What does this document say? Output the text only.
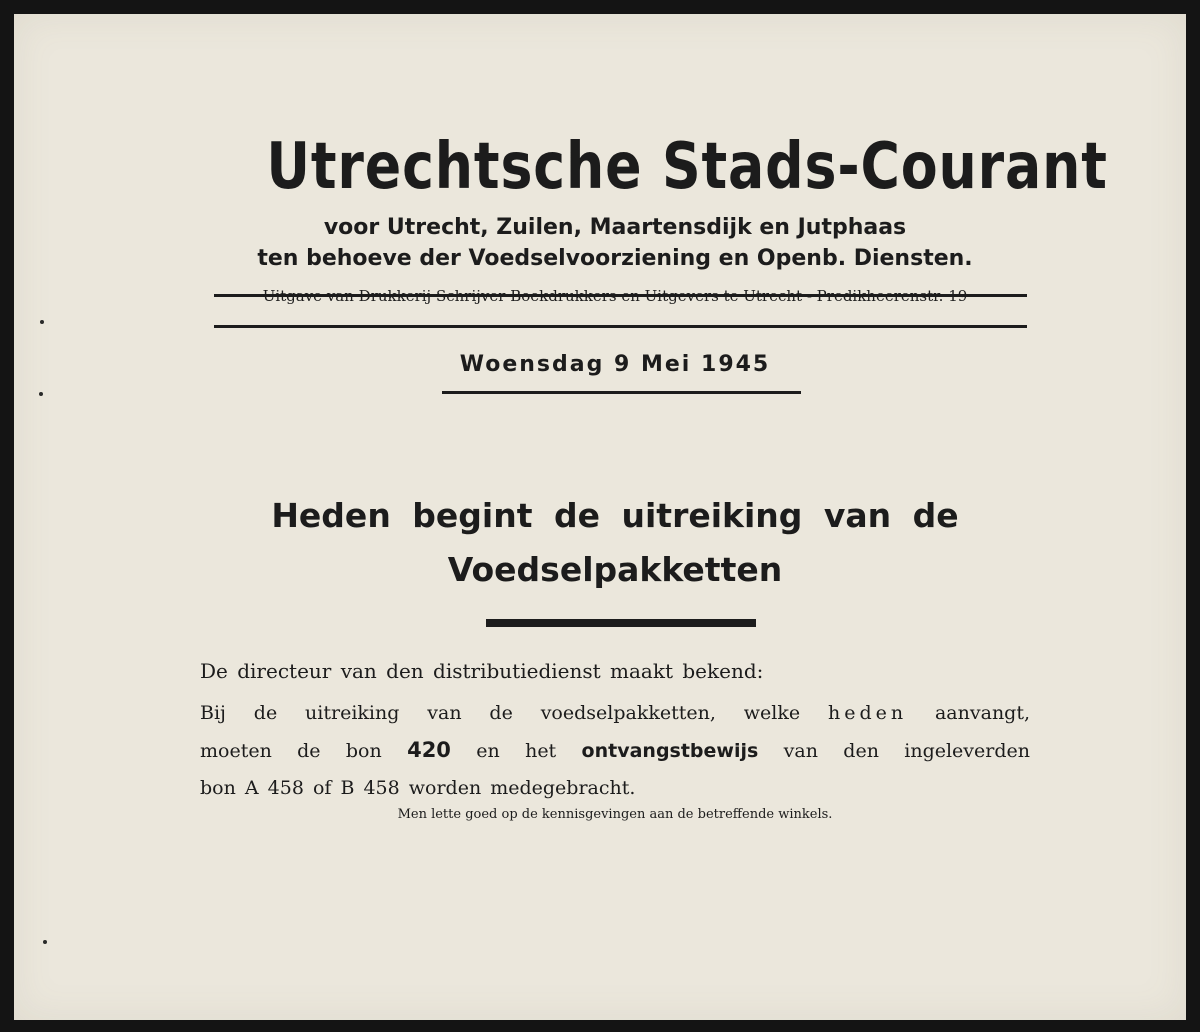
Utrechtsche Stads-Courant
voor Utrecht, Zuilen, Maartensdijk en Jutphaas
ten behoeve der Voedselvoorziening en Openb. Diensten.
Uitgave van Drukkerij Schrijver Boekdrukkers en Uitgevers te Utrecht - Predikheerenstr. 19
Woensdag 9 Mei 1945
Heden begint de uitreiking van de
Voedselpakketten
De directeur van den distributiedienst maakt bekend:
Bij de uitreiking van de voedselpakketten, welke heden aanvangt,
moeten de bon 420 en het ontvangstbewijs van den ingeleverden
bon A 458 of B 458 worden medegebracht.
Men lette goed op de kennisgevingen aan de betreffende winkels.
